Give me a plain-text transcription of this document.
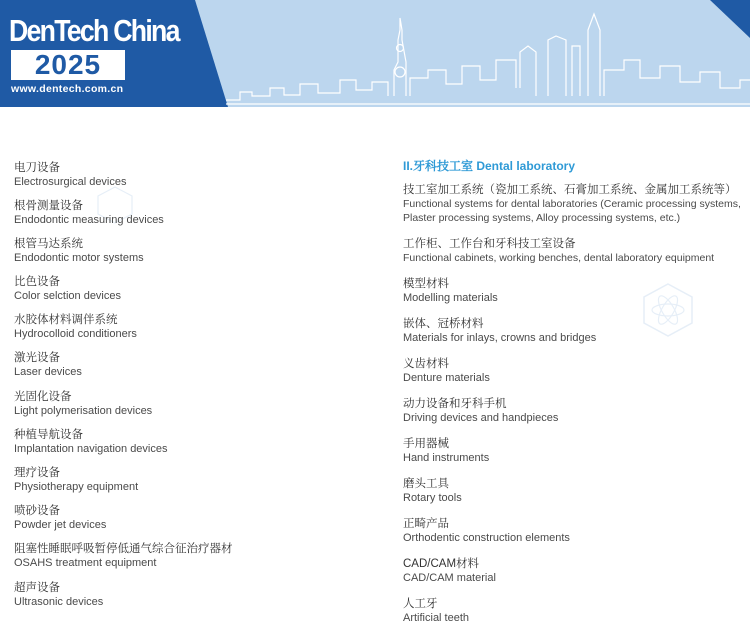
DenTech China
2025
www.dentech.com.cn
电刀设备
Electrosurgical devices
根骨测量设备
Endodontic measuring devices
根管马达系统
Endodontic motor systems
比色设备
Color selction devices
水胶体材料调伴系统
Hydrocolloid conditioners
激光设备
Laser devices
光固化设备
Light polymerisation devices
种植导航设备
Implantation navigation devices
理疗设备
Physiotherapy equipment
喷砂设备
Powder jet devices
阻塞性睡眠呼吸暂停低通气综合征治疗器材
OSAHS treatment equipment
超声设备
Ultrasonic devices
II.牙科技工室 Dental laboratory
技工室加工系统（瓷加工系统、石膏加工系统、金属加工系统等）
Functional systems for dental laboratories (Ceramic processing systems,
Plaster processing systems, Alloy processing systems, etc.)
工作柜、工作台和牙科技工室设备
Functional cabinets, working benches, dental laboratory equipment
模型材料
Modelling materials
嵌体、冠桥材料
Materials for inlays, crowns and bridges
义齿材料
Denture materials
动力设备和牙科手机
Driving devices and handpieces
手用器械
Hand instruments
磨头工具
Rotary tools
正畸产品
Orthodentic construction elements
CAD/CAM材料
CAD/CAM material
人工牙
Artificial teeth
